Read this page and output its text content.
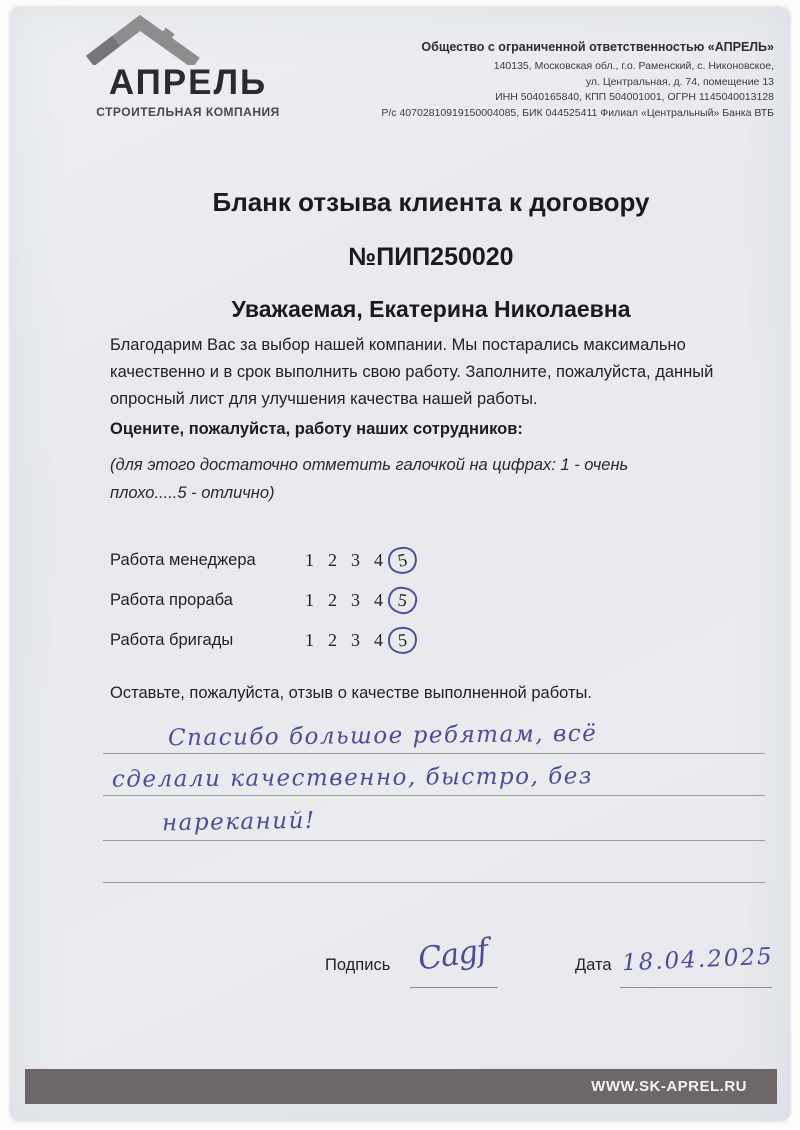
АПРЕЛЬ
СТРОИТЕЛЬНАЯ КОМПАНИЯ
Общество с ограниченной ответственностью «АПРЕЛЬ»
140135, Московская обл., г.о. Раменский, с. Никоновское,
ул. Центральная, д. 74, помещение 13
ИНН 5040165840, КПП 504001001, ОГРН 1145040013128
Р/с 40702810919150004085, БИК 044525411 Филиал «Центральный» Банка ВТБ
Бланк отзыва клиента к договору
№ПИП250020
Уважаемая, Екатерина Николаевна
Благодарим Вас за выбор нашей компании. Мы постарались максимально качественно и в срок выполнить свою работу. Заполните, пожалуйста, данный опросный лист для улучшения качества нашей работы.
Оцените, пожалуйста, работу наших сотрудников:
(для этого достаточно отметить галочкой на цифрах: 1 - очень плохо.....5 - отлично)
Работа менеджера	1 2 3 4 5
Работа прораба	1 2 3 4 5
Работа бригады	1 2 3 4 5
Оставьте, пожалуйста, отзыв о качестве выполненной работы.
Спасибо большое ребятам, всё
сделали качественно, быстро, без
нареканий!
Подпись Cagf	Дата 18.04.2025
WWW.SK-APREL.RU
